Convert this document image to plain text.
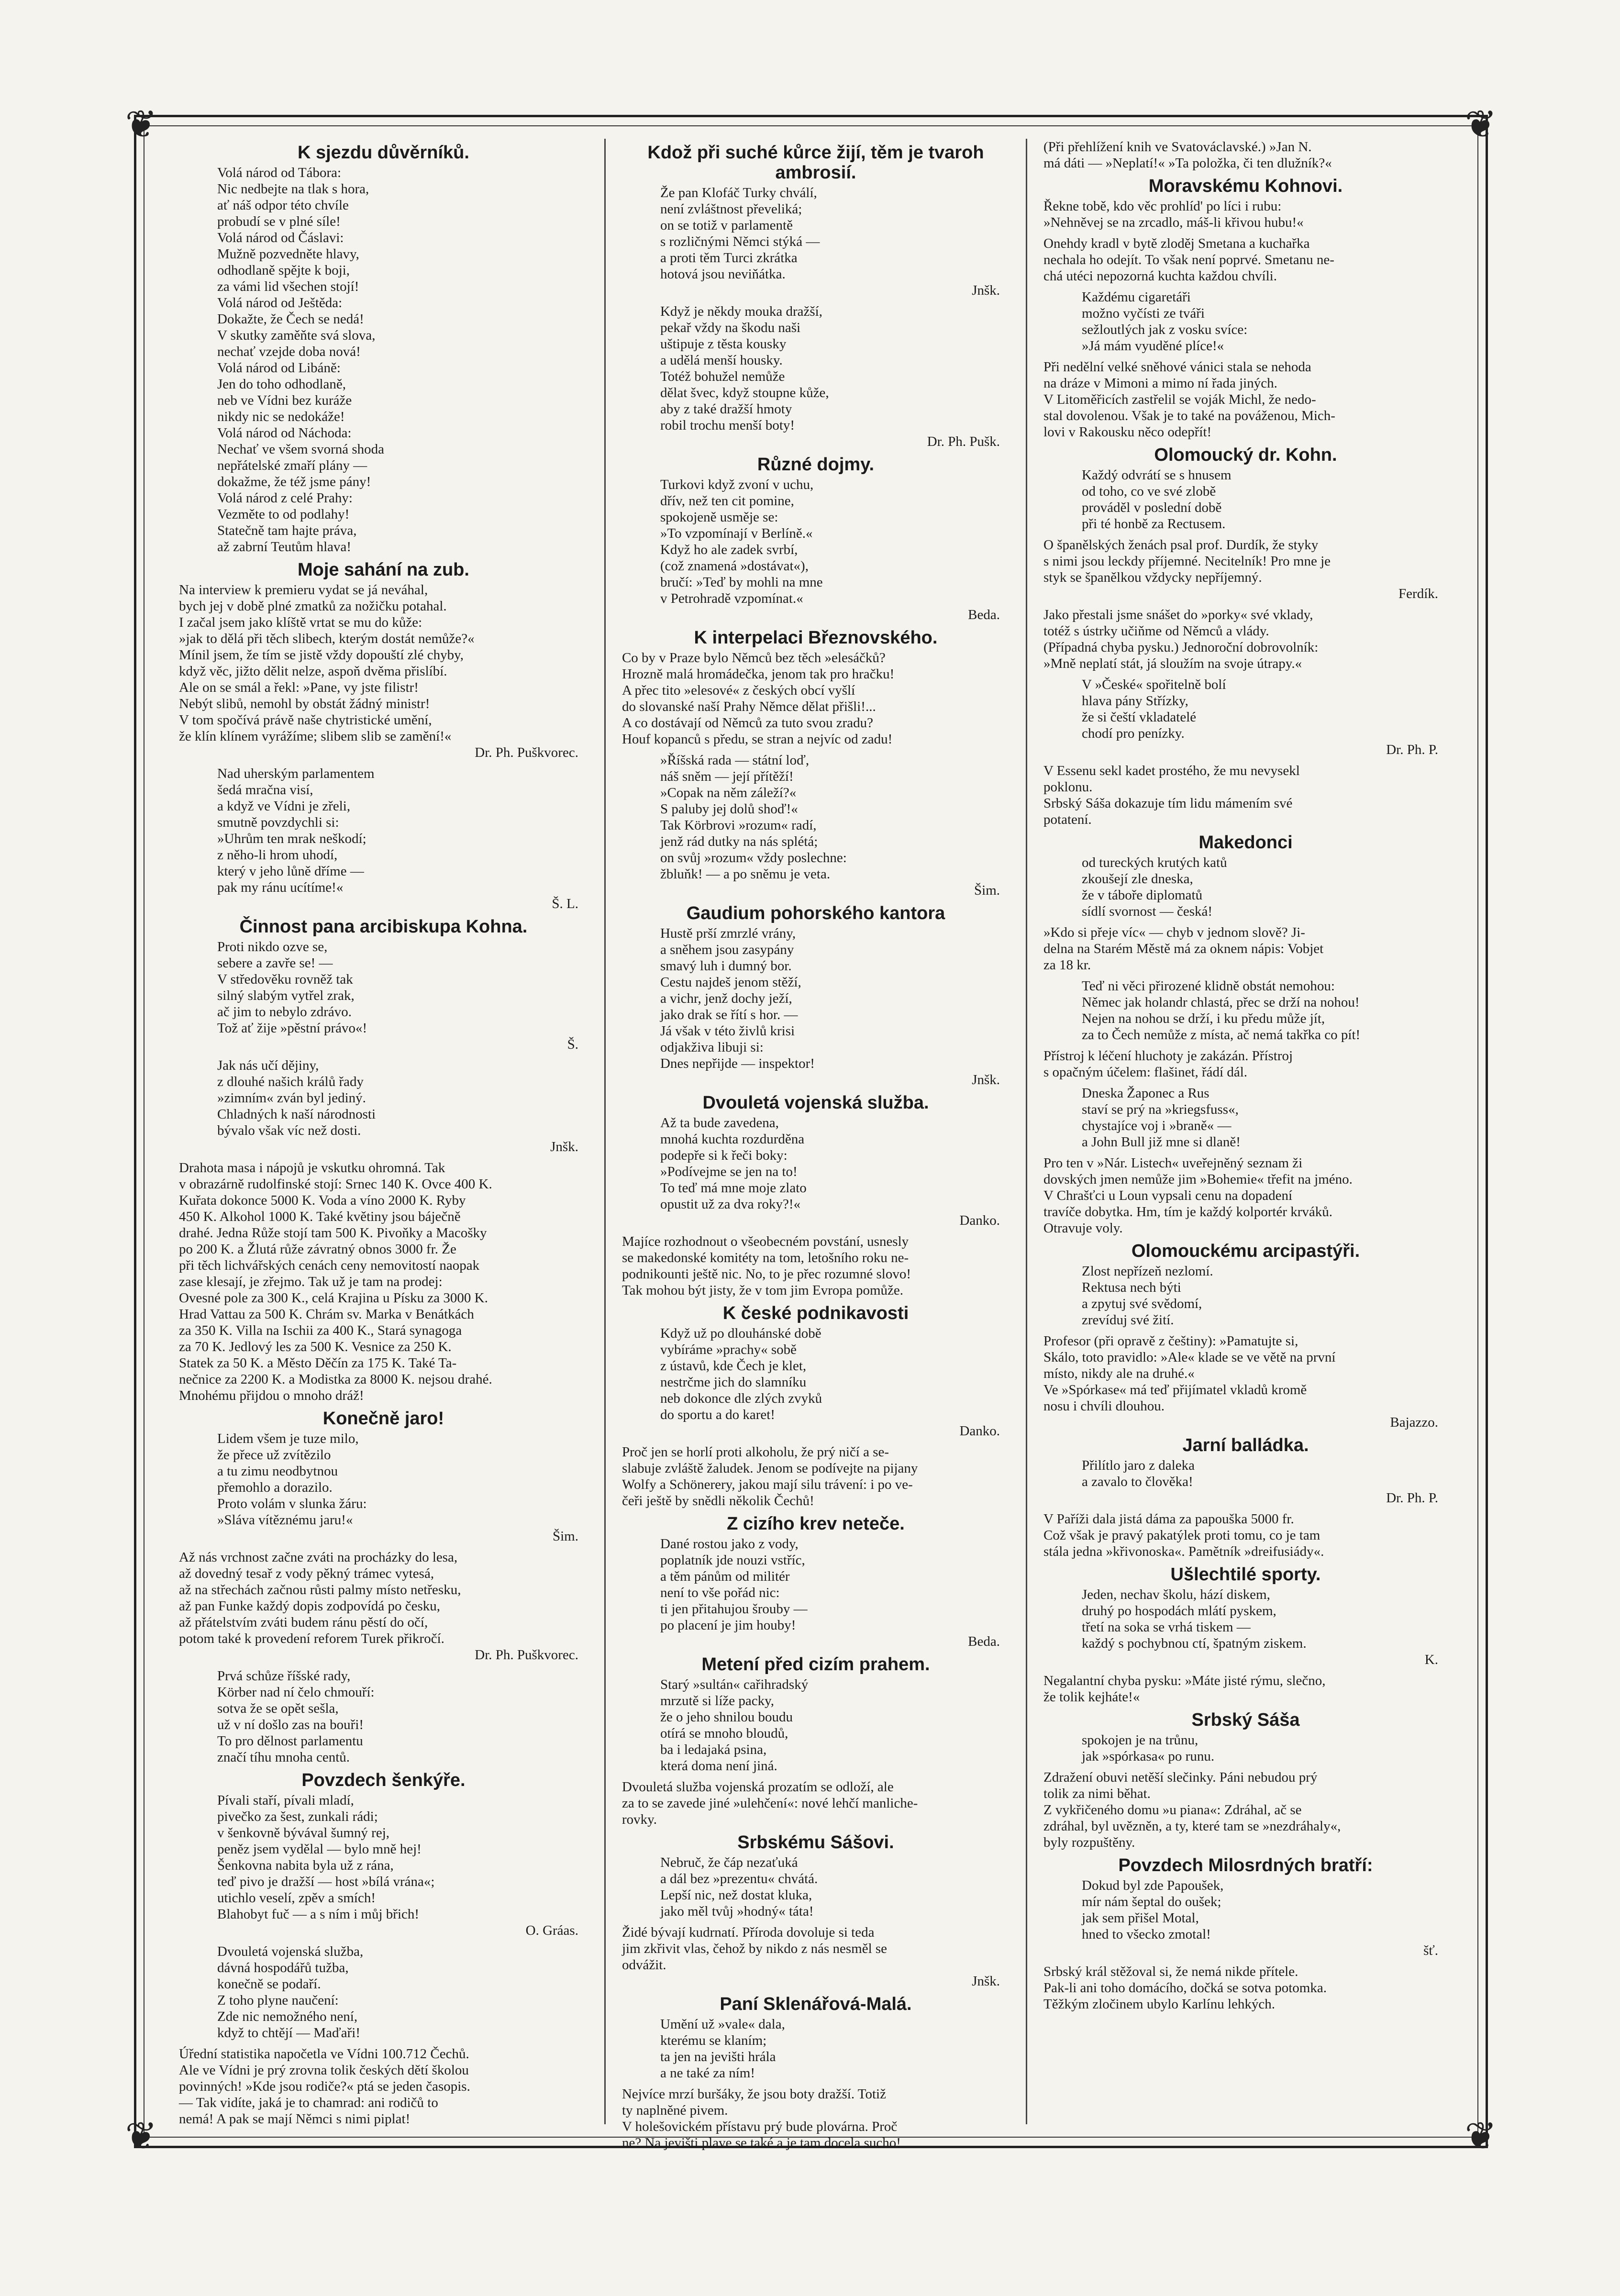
❦	❦
❦	❦
K sjezdu důvěrníků.
Volá národ od Tábora:
Nic nedbejte na tlak s hora,
ať náš odpor této chvíle
probudí se v plné síle!
Volá národ od Čáslavi:
Mužně pozvedněte hlavy,
odhodlaně spějte k boji,
za vámi lid všechen stojí!
Volá národ od Ještěda:
Dokažte, že Čech se nedá!
V skutky zaměňte svá slova,
nechať vzejde doba nová!
Volá národ od Libáně:
Jen do toho odhodlaně,
neb ve Vídni bez kuráže
nikdy nic se nedokáže!
Volá národ od Náchoda:
Nechať ve všem svorná shoda
nepřátelské zmaří plány —
dokažme, že též jsme pány!
Volá národ z celé Prahy:
Vezměte to od podlahy!
Statečně tam hajte práva,
až zabrní Teutům hlava!
Moje sahání na zub.
Na interview k premieru vydat se já neváhal,
bych jej v době plné zmatků za nožičku potahal.
I začal jsem jako klíště vrtat se mu do kůže:
»jak to dělá při těch slibech, kterým dostát nemůže?«
Mínil jsem, že tím se jistě vždy dopouští zlé chyby,
když věc, jižto dělit nelze, aspoň dvěma přislíbí.
Ale on se smál a řekl: »Pane, vy jste filistr!
Nebýt slibů, nemohl by obstát žádný ministr!
V tom spočívá právě naše chytristické umění,
že klín klínem vyrážíme; slibem slib se zamění!«
Dr. Ph. Puškvorec.
Nad uherským parlamentem
šedá mračna visí,
a když ve Vídni je zřeli,
smutně povzdychli si:
»Uhrům ten mrak neškodí;
z něho-li hrom uhodí,
který v jeho lůně dříme —
pak my ránu ucítíme!«
Š. L.
Činnost pana arcibiskupa Kohna.
Proti nikdo ozve se,
sebere a zavře se! —
V středověku rovněž tak
silný slabým vytřel zrak,
ač jim to nebylo zdrávo.
Tož ať žije »pěstní právo«!
Š.
Jak nás učí dějiny,
z dlouhé našich králů řady
»zimním« zván byl jediný.
Chladných k naší národnosti
bývalo však víc než dosti.
Jnšk.
Drahota masa i nápojů je vskutku ohromná. Tak
v obrazárně rudolfinské stojí: Srnec 140 K. Ovce 400 K.
Kuřata dokonce 5000 K. Voda a víno 2000 K. Ryby
450 K. Alkohol 1000 K. Také květiny jsou báječně
drahé. Jedna Růže stojí tam 500 K. Pivoňky a Macošky
po 200 K. a Žlutá růže závratný obnos 3000 fr. Že
při těch lichvářských cenách ceny nemovitostí naopak
zase klesají, je zřejmo. Tak už je tam na prodej:
Ovesné pole za 300 K., celá Krajina u Písku za 3000 K.
Hrad Vattau za 500 K. Chrám sv. Marka v Benátkách
za 350 K. Villa na Ischii za 400 K., Stará synagoga
za 70 K. Jedlový les za 500 K. Vesnice za 250 K.
Statek za 50 K. a Město Děčín za 175 K. Také Ta-
nečnice za 2200 K. a Modistka za 8000 K. nejsou drahé.
Mnohému přijdou o mnoho dráž!
Konečně jaro!
Lidem všem je tuze milo,
že přece už zvítězilo
a tu zimu neodbytnou
přemohlo a dorazilo.
Proto volám v slunka žáru:
»Sláva vítěznému jaru!«
Šim.
Až nás vrchnost začne zváti na procházky do lesa,
až dovedný tesař z vody pěkný trámec vytesá,
až na střechách začnou růsti palmy místo netřesku,
až pan Funke každý dopis zodpovídá po česku,
až přátelstvím zváti budem ránu pěstí do očí,
potom také k provedení reforem Turek přikročí.
Dr. Ph. Puškvorec.
Prvá schůze říšské rady,
Körber nad ní čelo chmouří:
sotva že se opět sešla,
už v ní došlo zas na bouři!
To pro dělnost parlamentu
značí tíhu mnoha centů.
Povzdech šenkýře.
Pívali staří, pívali mladí,
pivečko za šest, zunkali rádi;
v šenkovně bývával šumný rej,
peněz jsem vydělal — bylo mně hej!
Šenkovna nabita byla už z rána,
teď pivo je dražší — host »bílá vrána«;
utichlo veselí, zpěv a smích!
Blahobyt fuč — a s ním i můj břich!
O. Gráas.
Dvouletá vojenská služba,
dávná hospodářů tužba,
konečně se podaří.
Z toho plyne naučení:
Zde nic nemožného není,
když to chtějí — Maďaři!
Úřední statistika napočetla ve Vídni 100.712 Čechů.
Ale ve Vídni je prý zrovna tolik českých dětí školou
povinných! »Kde jsou rodiče?« ptá se jeden časopis.
— Tak vidíte, jaká je to chamrad: ani rodičů to
nemá! A pak se mají Němci s nimi piplat!
Kdož při suché kůrce žijí, těm je tvaroh ambrosií.
Že pan Klofáč Turky chválí,
není zvláštnost převeliká;
on se totiž v parlamentě
s rozličnými Němci stýká —
a proti těm Turci zkrátka
hotová jsou neviňátka.
Jnšk.
Když je někdy mouka dražší,
pekař vždy na škodu naši
uštipuje z těsta kousky
a udělá menší housky.
Totéž bohužel nemůže
dělat švec, když stoupne kůže,
aby z také dražší hmoty
robil trochu menší boty!
Dr. Ph. Pušk.
Různé dojmy.
Turkovi když zvoní v uchu,
dřív, než ten cit pomine,
spokojeně usměje se:
»To vzpomínají v Berlíně.«
Když ho ale zadek svrbí,
(což znamená »dostávat«),
bručí: »Teď by mohli na mne
v Petrohradě vzpomínat.«
Beda.
K interpelaci Březnovského.
Co by v Praze bylo Němců bez těch »elesáčků?
Hrozně malá hromádečka, jenom tak pro hračku!
A přec tito »elesové« z českých obcí vyšlí
do slovanské naší Prahy Němce dělat přišli!...
A co dostávají od Němců za tuto svou zradu?
Houf kopanců s předu, se stran a nejvíc od zadu!
»Říšská rada — státní loď,
náš sněm — její přítěží!
»Copak na něm záleží?«
S paluby jej dolů shoď!«
Tak Körbrovi »rozum« radí,
jenž rád dutky na nás splétá;
on svůj »rozum« vždy poslechne:
žbluňk! — a po sněmu je veta.
Šim.
Gaudium pohorského kantora
Hustě prší zmrzlé vrány,
a sněhem jsou zasypány
smavý luh i dumný bor.
Cestu najdeš jenom stěží,
a vichr, jenž dochy ježí,
jako drak se řítí s hor. —
Já však v této živlů krisi
odjakživa libuji si:
Dnes nepřijde — inspektor!
Jnšk.
Dvouletá vojenská služba.
Až ta bude zavedena,
mnohá kuchta rozdurděna
podepře si k řeči boky:
»Podívejme se jen na to!
To teď má mne moje zlato
opustit už za dva roky?!«
Danko.
Majíce rozhodnout o všeobecném povstání, usnesly
se makedonské komitéty na tom, letošního roku ne-
podnikounti ještě nic. No, to je přec rozumné slovo!
Tak mohou být jisty, že v tom jim Evropa pomůže.
K české podnikavosti
Když už po dlouhánské době
vybíráme »prachy« sobě
z ústavů, kde Čech je klet,
nestrčme jich do slamníku
neb dokonce dle zlých zvyků
do sportu a do karet!
Danko.
Proč jen se horlí proti alkoholu, že prý ničí a se-
slabuje zvláště žaludek. Jenom se podívejte na pijany
Wolfy a Schönerery, jakou mají silu trávení: i po ve-
čeři ještě by snědli několik Čechů!
Z cizího krev neteče.
Dané rostou jako z vody,
poplatník jde nouzi vstříc,
a těm pánům od militér
není to vše pořád nic:
ti jen přitahujou šrouby —
po placení je jim houby!
Beda.
Metení před cizím prahem.
Starý »sultán« cařihradský
mrzutě si líže packy,
že o jeho shnilou boudu
otírá se mnoho bloudů,
ba i ledajaká psina,
která doma není jiná.
Dvouletá služba vojenská prozatím se odloží, ale
za to se zavede jiné »ulehčení«: nové lehčí manliche-
rovky.
Srbskému Sášovi.
Nebruč, že čáp nezaťuká
a dál bez »prezentu« chvátá.
Lepší nic, než dostat kluka,
jako měl tvůj »hodný« táta!
Židé bývají kudrnatí. Příroda dovoluje si teda
jim zkřivit vlas, čehož by nikdo z nás nesměl se
odvážit.
Jnšk.
Paní Sklenářová-Malá.
Umění už »vale« dala,
kterému se klaním;
ta jen na jevišti hrála
a ne také za ním!
Nejvíce mrzí buršáky, že jsou boty dražší. Totiž
ty naplněné pivem.
V holešovickém přístavu prý bude plovárna. Proč
ne? Na jevišti plave se také a je tam docela sucho!
(Při přehlížení knih ve Svatováclavské.) »Jan N.
má dáti — »Neplatí!« »Ta položka, či ten dlužník?«
Moravskému Kohnovi.
Řekne tobě, kdo věc prohlíd' po líci i rubu:
»Nehněvej se na zrcadlo, máš-li křivou hubu!«
Onehdy kradl v bytě zloděj Smetana a kuchařka
nechala ho odejít. To však není poprvé. Smetanu ne-
chá utéci nepozorná kuchta každou chvíli.
Každému cigaretáři
možno vyčísti ze tváři
sežloutlých jak z vosku svíce:
»Já mám vyuděné plíce!«
Při nedělní velké sněhové vánici stala se nehoda
na dráze v Mimoni a mimo ní řada jiných.
V Litoměřicích zastřelil se voják Michl, že nedo-
stal dovolenou. Však je to také na pováženou, Mich-
lovi v Rakousku něco odepřít!
Olomoucký dr. Kohn.
Každý odvrátí se s hnusem
od toho, co ve své zlobě
prováděl v poslední době
při té honbě za Rectusem.
O španělských ženách psal prof. Durdík, že styky
s nimi jsou leckdy příjemné. Necitelník! Pro mne je
styk se španělkou vždycky nepříjemný.
Ferdík.
Jako přestali jsme snášet do »porky« své vklady,
totéž s ústrky učiňme od Němců a vlády.
(Případná chyba pysku.) Jednoroční dobrovolník:
»Mně neplatí stát, já sloužím na svoje útrapy.«
V »České« spořitelně bolí
hlava pány Střízky,
že si čeští vkladatelé
chodí pro penízky.
Dr. Ph. P.
V Essenu sekl kadet prostého, že mu nevysekl
poklonu.
Srbský Sáša dokazuje tím lidu mámením své
potatení.
Makedonci
od tureckých krutých katů
zkoušejí zle dneska,
že v táboře diplomatů
sídlí svornost — česká!
»Kdo si přeje víc« — chyb v jednom slově? Ji-
delna na Starém Městě má za oknem nápis: Vobjet
za 18 kr.
Teď ni věci přirozené klidně obstát nemohou:
Němec jak holandr chlastá, přec se drží na nohou!
Nejen na nohou se drží, i ku předu může jít,
za to Čech nemůže z místa, ač nemá takřka co pít!
Přístroj k léčení hluchoty je zakázán. Přístroj
s opačným účelem: flašinet, řádí dál.
Dneska Žaponec a Rus
staví se prý na »kriegsfuss«,
chystajíce voj i »braně« —
a John Bull již mne si dlaně!
Pro ten v »Nár. Listech« uveřejněný seznam ži
dovských jmen nemůže jim »Bohemie« třefit na jméno.
V Chrašťci u Loun vypsali cenu na dopadení
travíče dobytka. Hm, tím je každý kolportér krváků.
Otravuje voly.
Olomouckému arcipastýři.
Zlost nepřízeň nezlomí.
Rektusa nech býti
a zpytuj své svědomí,
zrevíduj své žití.
Profesor (při opravě z češtiny): »Pamatujte si,
Skálo, toto pravidlo: »Ale« klade se ve větě na první
místo, nikdy ale na druhé.«
Ve »Spórkase« má teď přijímatel vkladů kromě
nosu i chvíli dlouhou.
Bajazzo.
Jarní balládka.
Přilítlo jaro z daleka
a zavalo to člověka!
Dr. Ph. P.
V Paříži dala jistá dáma za papouška 5000 fr.
Což však je pravý pakatýlek proti tomu, co je tam
stála jedna »křivonoska«. Pamětník »dreifusiády«.
Ušlechtilé sporty.
Jeden, nechav školu, hází diskem,
druhý po hospodách mlátí pyskem,
třetí na soka se vrhá tiskem —
každý s pochybnou ctí, špatným ziskem.
K.
Negalantní chyba pysku: »Máte jisté rýmu, slečno,
že tolik kejháte!«
Srbský Sáša
spokojen je na trůnu,
jak »spórkasa« po runu.
Zdražení obuvi netěší slečinky. Páni nebudou prý
tolik za nimi běhat.
Z vykřičeného domu »u piana«: Zdráhal, ač se
zdráhal, byl uvězněn, a ty, které tam se »nezdráhaly«,
byly rozpuštěny.
Povzdech Milosrdných bratří:
Dokud byl zde Papoušek,
mír nám šeptal do oušek;
jak sem přišel Motal,
hned to všecko zmotal!
šť.
Srbský král stěžoval si, že nemá nikde přítele.
Pak-li ani toho domácího, dočká se sotva potomka.
Těžkým zločinem ubylo Karlínu lehkých.
